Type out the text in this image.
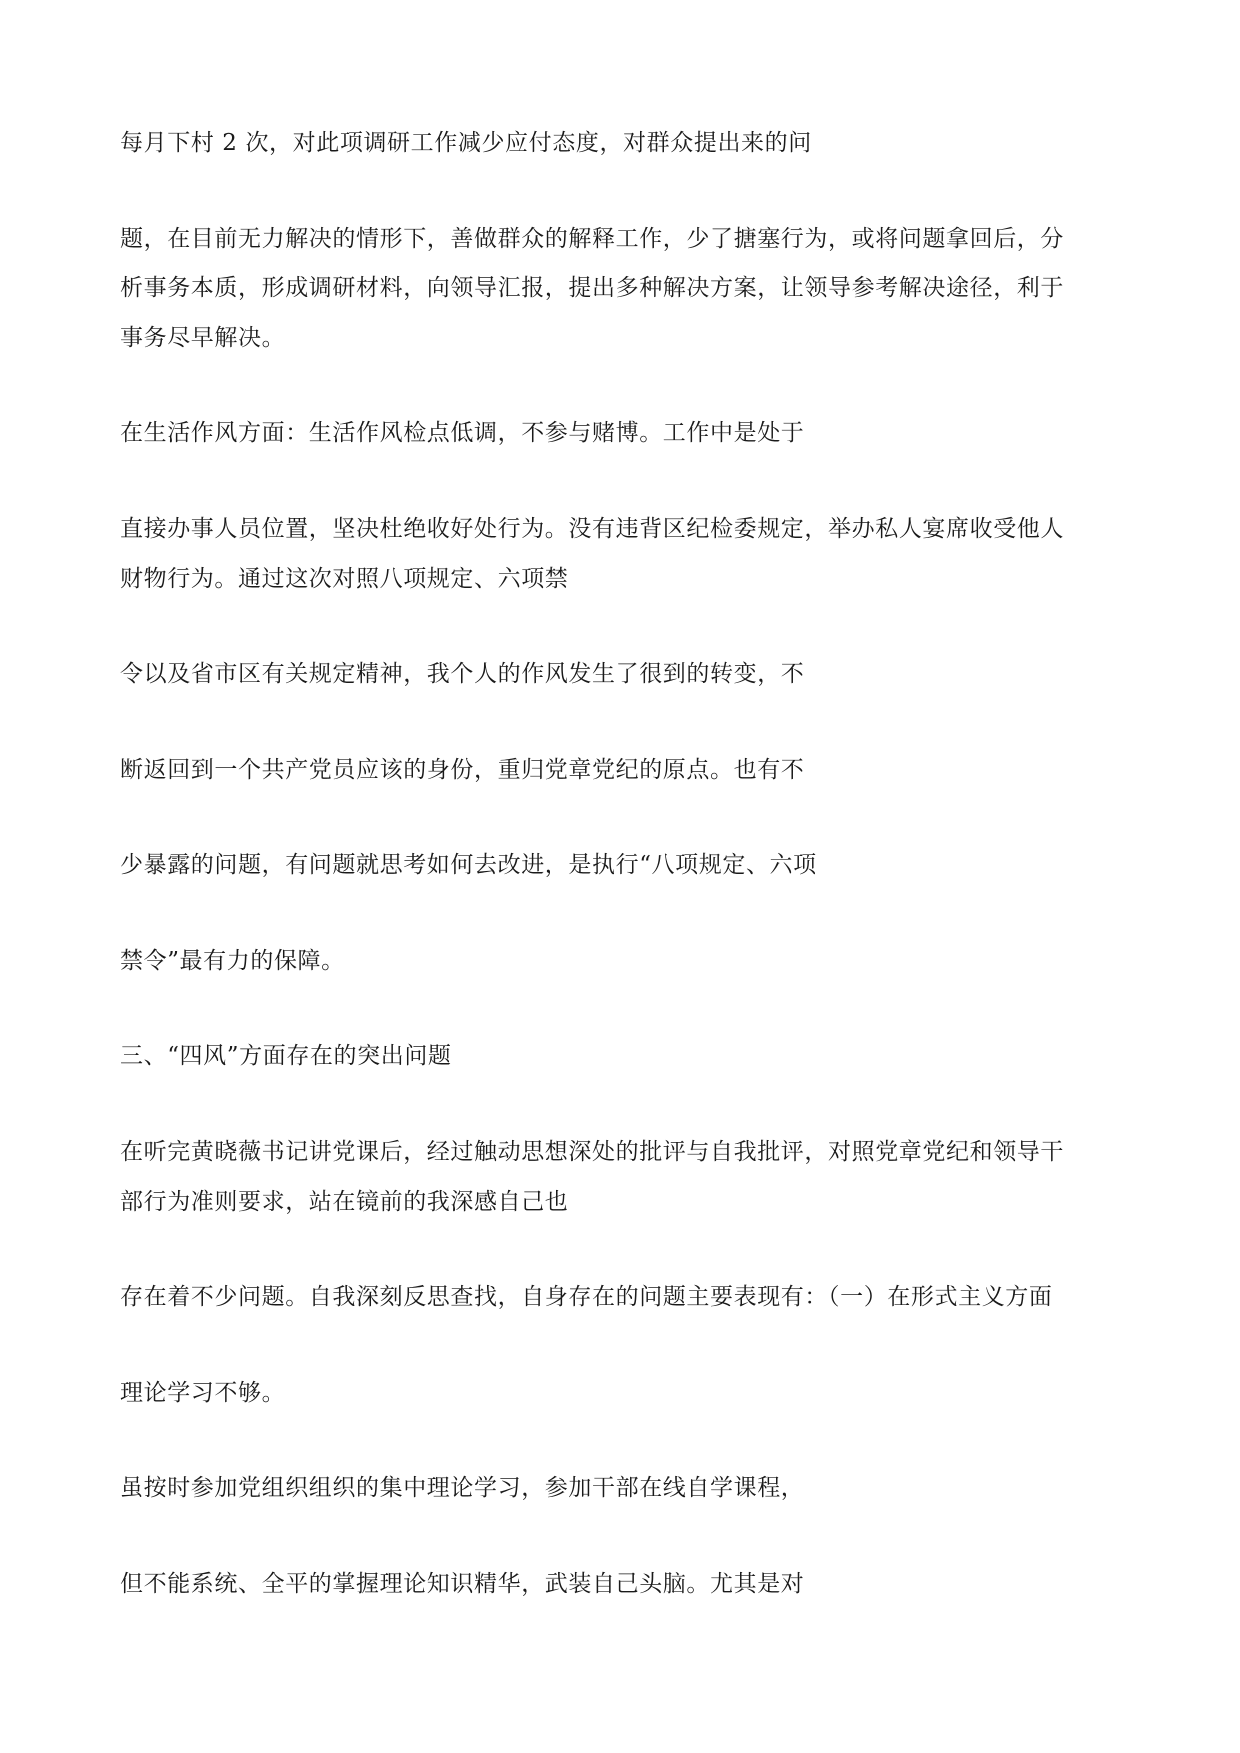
每月下村 2 次，对此项调研工作减少应付态度，对群众提出来的问
题，在目前无力解决的情形下，善做群众的解释工作，少了搪塞行为，或将问题拿回后，分
析事务本质，形成调研材料，向领导汇报，提出多种解决方案，让领导参考解决途径，利于
事务尽早解决。
在生活作风方面：生活作风检点低调，不参与赌博。工作中是处于
直接办事人员位置，坚决杜绝收好处行为。没有违背区纪检委规定，举办私人宴席收受他人
财物行为。通过这次对照八项规定、六项禁
令以及省市区有关规定精神，我个人的作风发生了很到的转变，不
断返回到一个共产党员应该的身份，重归党章党纪的原点。也有不
少暴露的问题，有问题就思考如何去改进，是执行“八项规定、六项
禁令”最有力的保障。
三、“四风”方面存在的突出问题
在听完黄晓薇书记讲党课后，经过触动思想深处的批评与自我批评，对照党章党纪和领导干
部行为准则要求，站在镜前的我深感自己也
存在着不少问题。自我深刻反思查找，自身存在的问题主要表现有：（一）在形式主义方面
理论学习不够。
虽按时参加党组织组织的集中理论学习，参加干部在线自学课程，
但不能系统、全平的掌握理论知识精华，武装自己头脑。尤其是对
